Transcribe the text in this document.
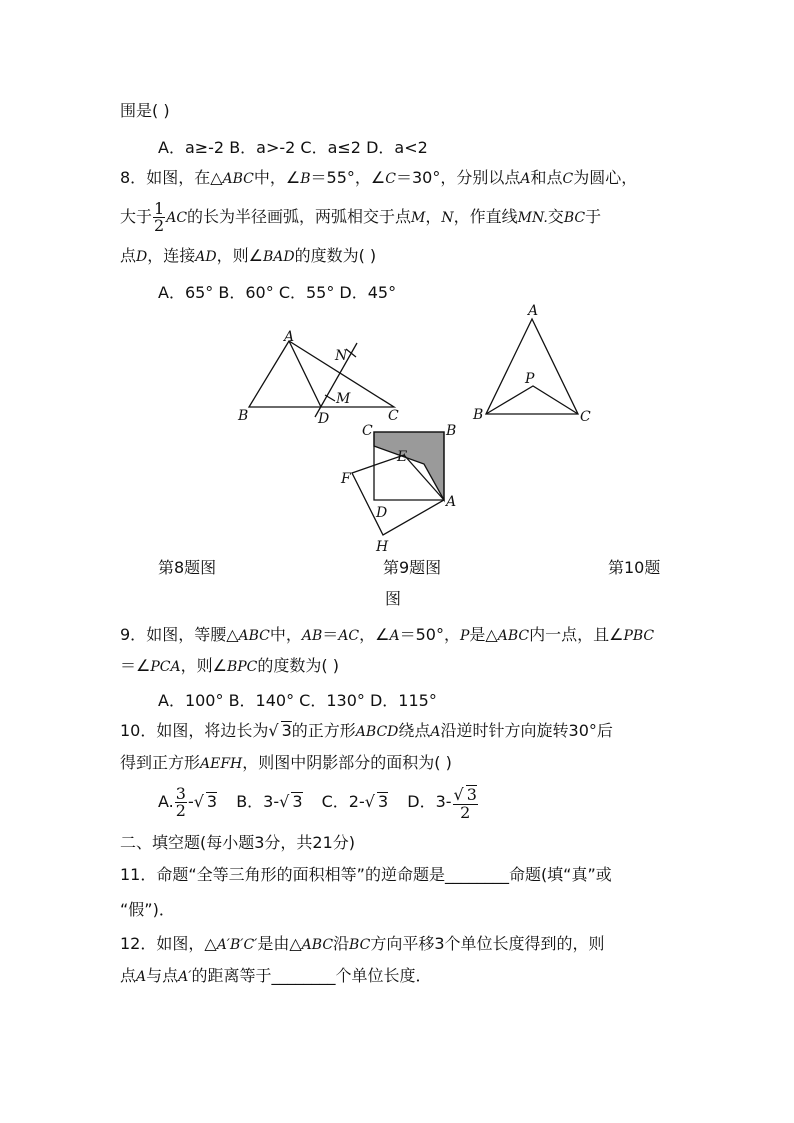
围是( )
A．a≥-2 B．a>-2 C．a≤2 D．a<2
8．如图，在△ABC中，∠B＝55°，∠C＝30°，分别以点A和点C为圆心，
大于 $\frac{1}{2}$ AC的长为半径画弧，两弧相交于点M，N，作直线MN.交BC于
点D，连接AD，则∠BAD的度数为( )
A．65° B．60° C．55° D．45°
A
B	C
D
M
N
C	B
E
F
A
D
H
A
B	C
P
第8题图	第9题图	第10题
图
9．如图，等腰△ABC中，AB＝AC，∠A＝50°，P是△ABC内一点，且∠PBC
＝∠PCA，则∠BPC的度数为( )
A．100° B．140° C．130° D．115°
10．如图，将边长为√ 3的正方形ABCD绕点A沿逆时针方向旋转30°后
得到正方形AEFH，则图中阴影部分的面积为( )
A. $\frac{3}{2}$ -√ 3 B．3-√ 3 C．2-√ 3 D．$3- \frac{√ 3}{2}$
二、填空题(每小题3分，共21分)
11．命题“全等三角形的面积相等”的逆命题是________命题(填“真”或
“假”)．
12．如图，△A′B′C′是由△ABC沿BC方向平移3个单位长度得到的，则
点A与点A′的距离等于________个单位长度．
